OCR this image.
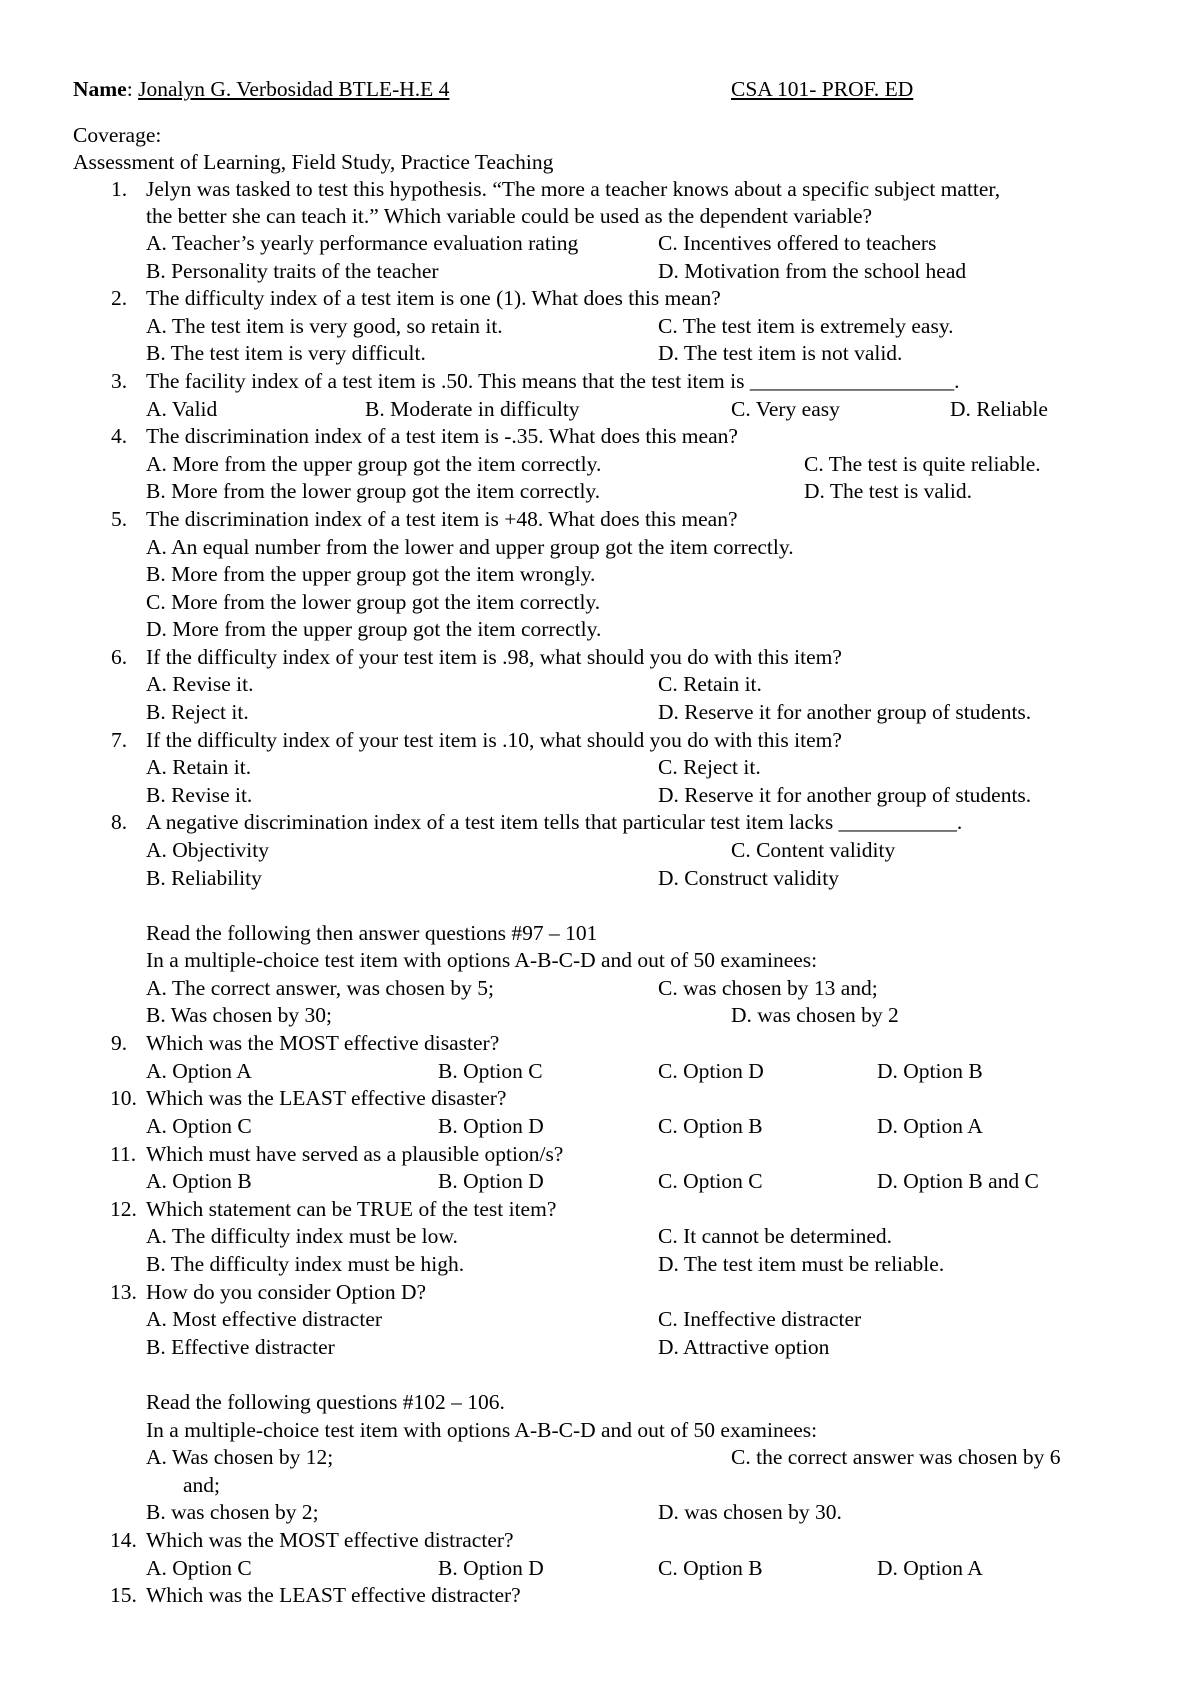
Name: Jonalyn G. Verbosidad BTLE-H.E 4	CSA 101- PROF. ED
Coverage:
Assessment of Learning, Field Study, Practice Teaching
1. Jelyn was tasked to test this hypothesis. “The more a teacher knows about a specific subject matter,
the better she can teach it.” Which variable could be used as the dependent variable?
A. Teacher’s yearly performance evaluation rating	C. Incentives offered to teachers
B. Personality traits of the teacher	D. Motivation from the school head
2. The difficulty index of a test item is one (1). What does this mean?
A. The test item is very good, so retain it.	C. The test item is extremely easy.
B. The test item is very difficult.	D. The test item is not valid.
3. The facility index of a test item is .50. This means that the test item is ___________________.
A. Valid	B. Moderate in difficulty	C. Very easy	D. Reliable
4. The discrimination index of a test item is -.35. What does this mean?
A. More from the upper group got the item correctly.	C. The test is quite reliable.
B. More from the lower group got the item correctly.	D. The test is valid.
5. The discrimination index of a test item is +48. What does this mean?
A. An equal number from the lower and upper group got the item correctly.
B. More from the upper group got the item wrongly.
C. More from the lower group got the item correctly.
D. More from the upper group got the item correctly.
6. If the difficulty index of your test item is .98, what should you do with this item?
A. Revise it.	C. Retain it.
B. Reject it.	D. Reserve it for another group of students.
7. If the difficulty index of your test item is .10, what should you do with this item?
A. Retain it.	C. Reject it.
B. Revise it.	D. Reserve it for another group of students.
8. A negative discrimination index of a test item tells that particular test item lacks ___________.
A. Objectivity	C. Content validity
B. Reliability	D. Construct validity
Read the following then answer questions #97 – 101
In a multiple-choice test item with options A-B-C-D and out of 50 examinees:
A. The correct answer, was chosen by 5;	C. was chosen by 13 and;
B. Was chosen by 30;	D. was chosen by 2
9. Which was the MOST effective disaster?
A. Option A	B. Option C	C. Option D	D. Option B
10. Which was the LEAST effective disaster?
A. Option C	B. Option D	C. Option B	D. Option A
11. Which must have served as a plausible option/s?
A. Option B	B. Option D	C. Option C	D. Option B and C
12. Which statement can be TRUE of the test item?
A. The difficulty index must be low.	C. It cannot be determined.
B. The difficulty index must be high.	D. The test item must be reliable.
13. How do you consider Option D?
A. Most effective distracter	C. Ineffective distracter
B. Effective distracter	D. Attractive option
Read the following questions #102 – 106.
In a multiple-choice test item with options A-B-C-D and out of 50 examinees:
A. Was chosen by 12;	C. the correct answer was chosen by 6
and;
B. was chosen by 2;	D. was chosen by 30.
14. Which was the MOST effective distracter?
A. Option C	B. Option D	C. Option B	D. Option A
15. Which was the LEAST effective distracter?
